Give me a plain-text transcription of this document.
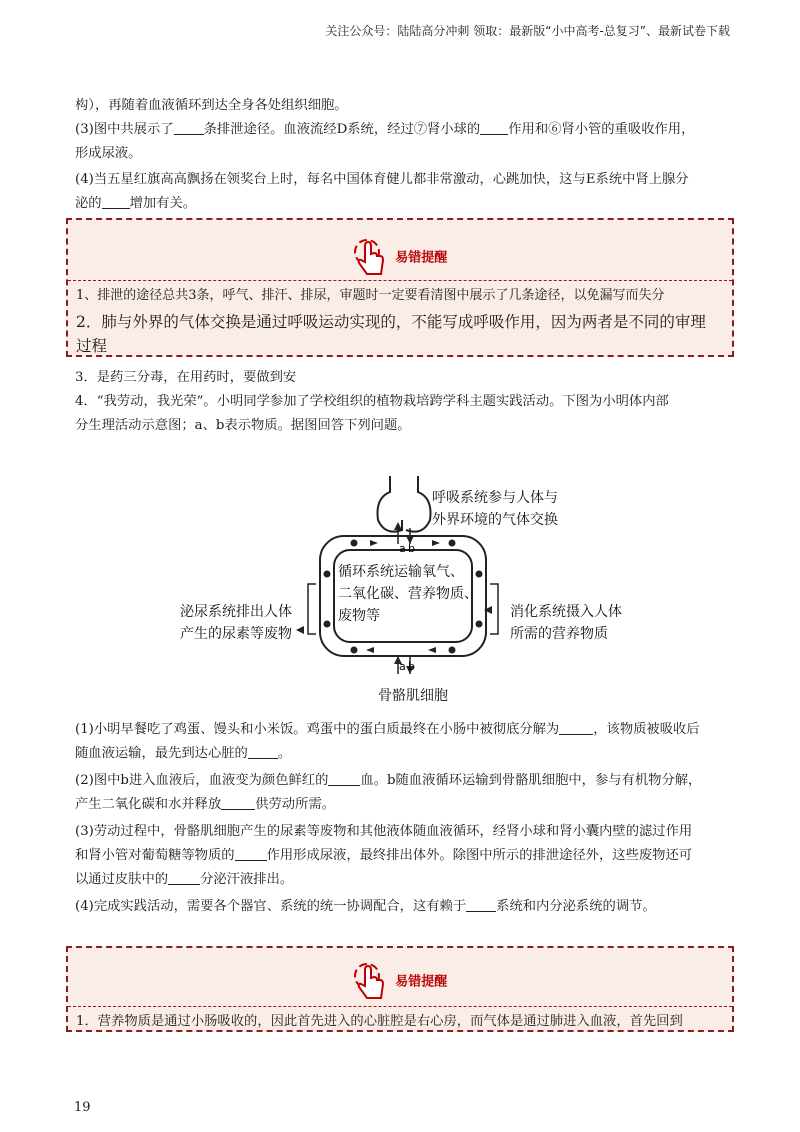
关注公众号：陆陆高分冲刺 领取：最新版“小中高考-总复习”、最新试卷下载
构），再随着血液循环到达全身各处组织细胞。
(3)图中共展示了 条排泄途径。血液流经D系统，经过⑦肾小球的 作用和⑥肾小管的重吸收作用，
形成尿液。
(4)当五星红旗高高飘扬在领奖台上时，每名中国体育健儿都非常激动，心跳加快，这与E系统中肾上腺分
泌的 增加有关。
易错提醒
1、排泄的途径总共3条，呼气、排汗、排尿，审题时一定要看清图中展示了几条途径，以免漏写而失分
2．肺与外界的气体交换是通过呼吸运动实现的，不能写成呼吸作用，因为两者是不同的审理
过程
3．是药三分毒，在用药时，要做到安
4．“我劳动，我光荣”。小明同学参加了学校组织的植物栽培跨学科主题实践活动。下图为小明体内部
分生理活动示意图；a、b表示物质。据图回答下列问题。
呼吸系统参与人体与
外界环境的气体交换
a b
循环系统运输氧气、
二氧化碳、营养物质、
废物等
泌尿系统排出人体
产生的尿素等废物
消化系统摄入人体
所需的营养物质
a b
骨骼肌细胞
(1)小明早餐吃了鸡蛋、馒头和小米饭。鸡蛋中的蛋白质最终在小肠中被彻底分解为	，该物质被吸收后
随血液运输，最先到达心脏的 。
(2)图中b进入血液后，血液变为颜色鲜红的 血。b随血液循环运输到骨骼肌细胞中，参与有机物分解，
产生二氧化碳和水并释放	供劳动所需。
(3)劳动过程中，骨骼肌细胞产生的尿素等废物和其他液体随血液循环，经肾小球和肾小囊内壁的滤过作用
和肾小管对葡萄糖等物质的 作用形成尿液，最终排出体外。除图中所示的排泄途径外，这些废物还可
以通过皮肤中的 分泌汗液排出。
(4)完成实践活动，需要各个器官、系统的统一协调配合，这有赖于 系统和内分泌系统的调节。
易错提醒
1．营养物质是通过小肠吸收的，因此首先进入的心脏腔是右心房，而气体是通过肺进入血液，首先回到
19
